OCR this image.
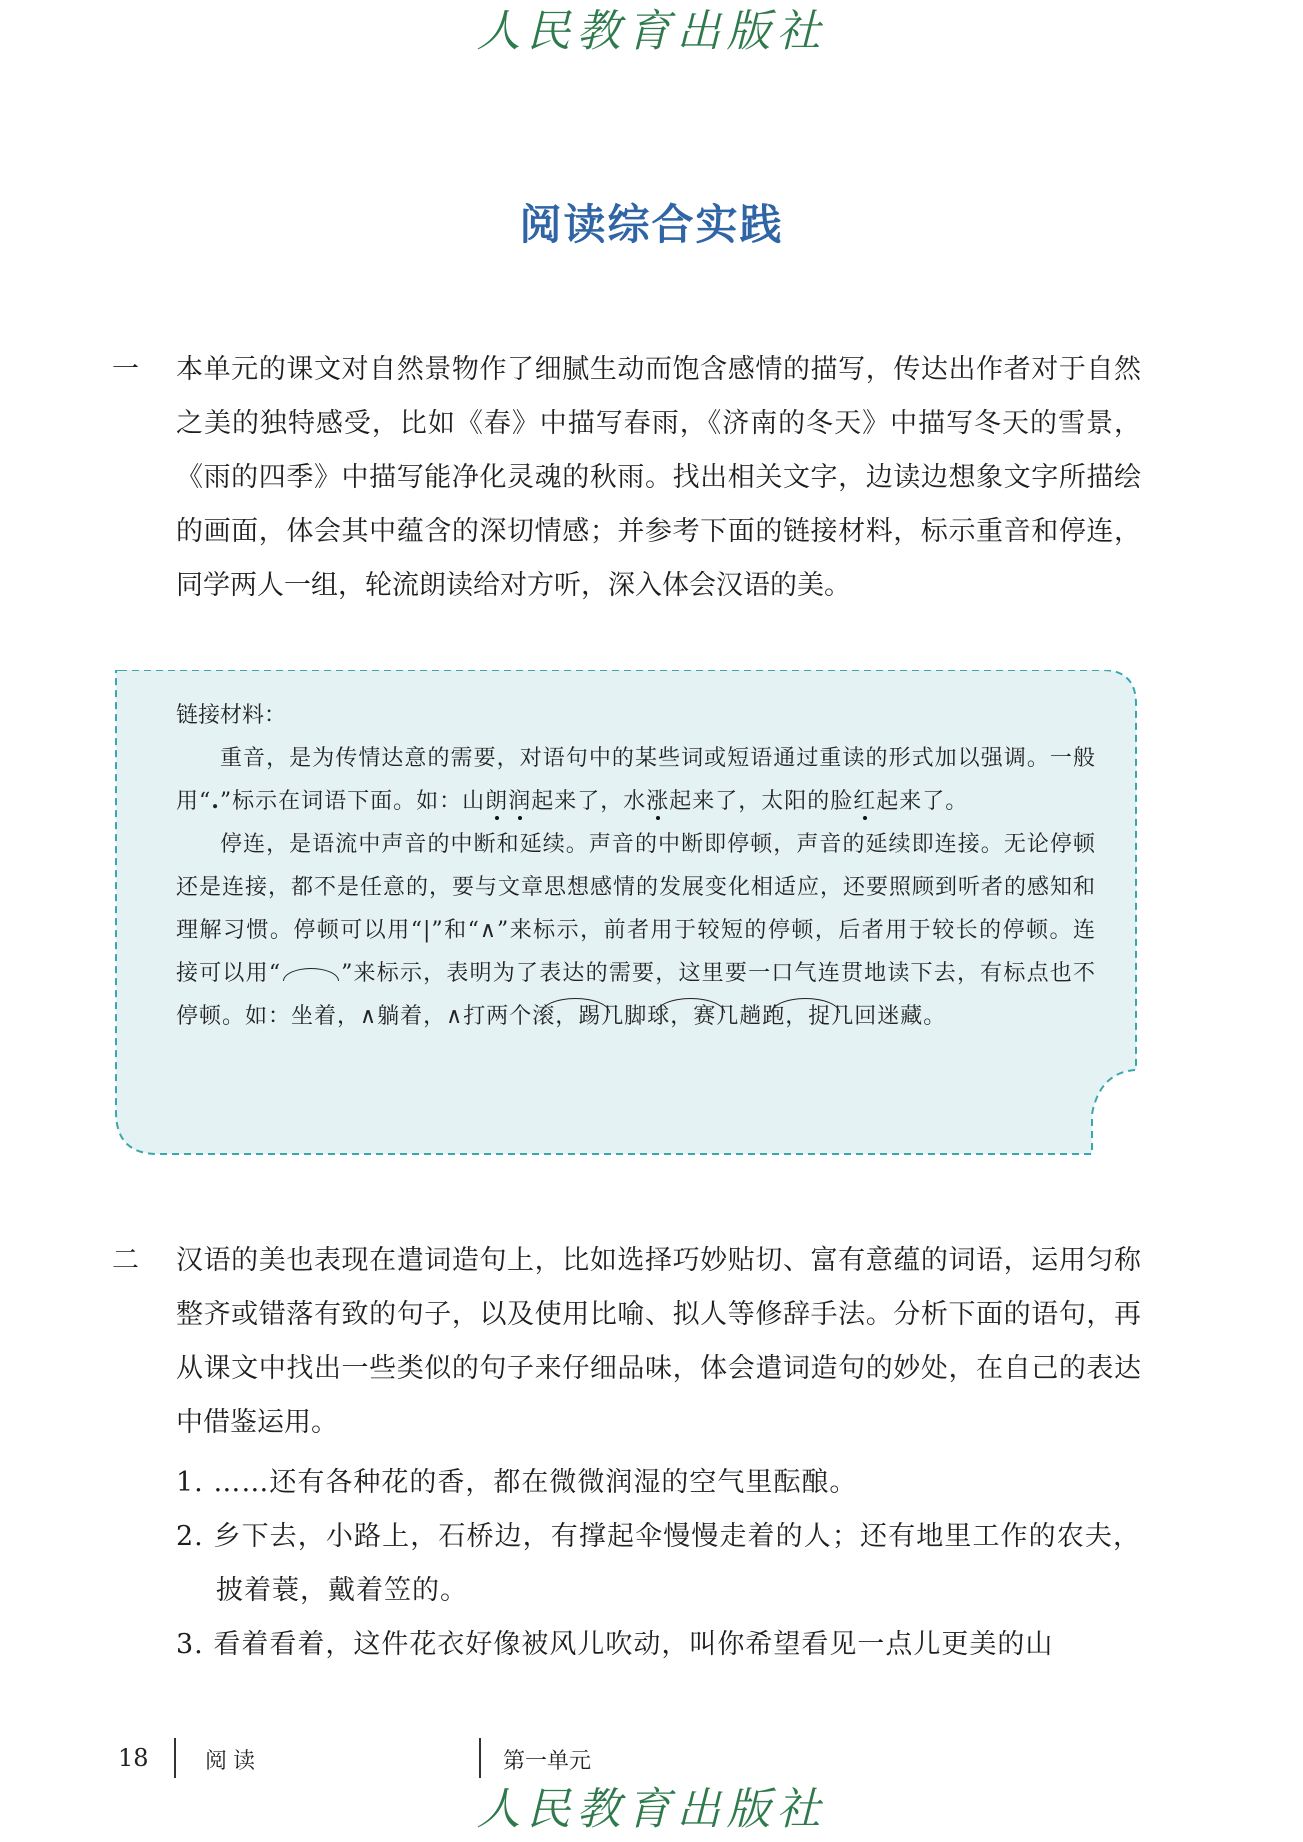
人民教育出版社
阅读综合实践
一 本单元的课文对自然景物作了细腻生动而饱含感情的描写，传达出作者对于自然之美的独特感受，比如《春》中描写春雨，《济南的冬天》中描写冬天的雪景，《雨的四季》中描写能净化灵魂的秋雨。找出相关文字，边读边想象文字所描绘的画面，体会其中蕴含的深切情感；并参考下面的链接材料，标示重音和停连，同学两人一组，轮流朗读给对方听，深入体会汉语的美。

链接材料：

重音，是为传情达意的需要，对语句中的某些词或短语通过重读的形式加以强调。一般用“.”标示在词语下面。如：山朗润起来了，水涨起来了，太阳的脸红起来了。

停连，是语流中声音的中断和延续。声音的中断即停顿，声音的延续即连接。无论停顿还是连接，都不是任意的，要与文章思想感情的发展变化相适应，还要照顾到听者的感知和理解习惯。停顿可以用“|”和“∧”来标示，前者用于较短的停顿，后者用于较长的停顿。连接可以用“	”来标示，表明为了表达的需要，这里要一口气连贯地读下去，有标点也不停顿。如：坐着，∧躺着，∧打两个滚，踢几脚球，赛几趟跑，捉几回迷藏。

二 汉语的美也表现在遣词造句上，比如选择巧妙贴切、富有意蕴的词语，运用匀称整齐或错落有致的句子，以及使用比喻、拟人等修辞手法。分析下面的语句，再从课文中找出一些类似的句子来仔细品味，体会遣词造句的妙处，在自己的表达中借鉴运用。

1. ……还有各种花的香，都在微微润湿的空气里酝酿。

2. 乡下去，小路上，石桥边，有撑起伞慢慢走着的人；还有地里工作的农夫，披着蓑，戴着笠的。

3. 看着看着，这件花衣好像被风儿吹动，叫你希望看见一点儿更美的山

18	阅读	第一单元
人民教育出版社
